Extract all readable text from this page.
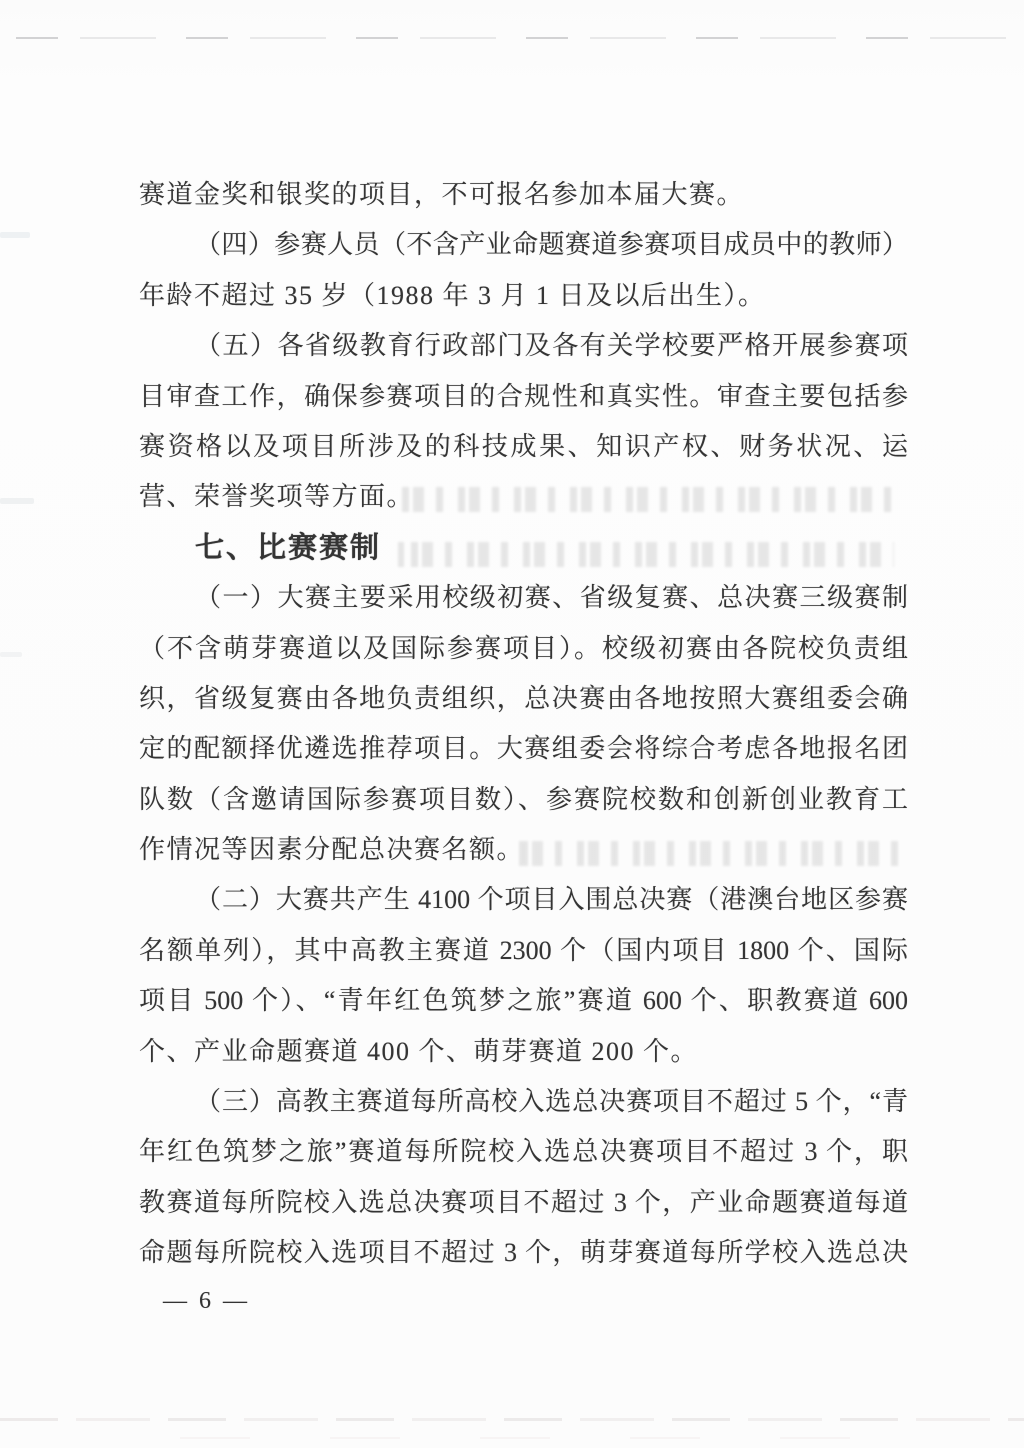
赛道金奖和银奖的项目，不可报名参加本届大赛。
（四）参赛人员（不含产业命题赛道参赛项目成员中的教师）
年龄不超过 35 岁（1988 年 3 月 1 日及以后出生）。
（五）各省级教育行政部门及各有关学校要严格开展参赛项
目审查工作，确保参赛项目的合规性和真实性。审查主要包括参
赛资格以及项目所涉及的科技成果、知识产权、财务状况、运
营、荣誉奖项等方面。
七、比赛赛制
（一）大赛主要采用校级初赛、省级复赛、总决赛三级赛制
（不含萌芽赛道以及国际参赛项目）。校级初赛由各院校负责组
织，省级复赛由各地负责组织，总决赛由各地按照大赛组委会确
定的配额择优遴选推荐项目。大赛组委会将综合考虑各地报名团
队数（含邀请国际参赛项目数）、参赛院校数和创新创业教育工
作情况等因素分配总决赛名额。
（二）大赛共产生 4100 个项目入围总决赛（港澳台地区参赛
名额单列），其中高教主赛道 2300 个（国内项目 1800 个、国际
项目 500 个）、“青年红色筑梦之旅”赛道 600 个、职教赛道 600
个、产业命题赛道 400 个、萌芽赛道 200 个。
（三）高教主赛道每所高校入选总决赛项目不超过 5 个，“青
年红色筑梦之旅”赛道每所院校入选总决赛项目不超过 3 个，职
教赛道每所院校入选总决赛项目不超过 3 个，产业命题赛道每道
命题每所院校入选项目不超过 3 个，萌芽赛道每所学校入选总决
— 6 —
